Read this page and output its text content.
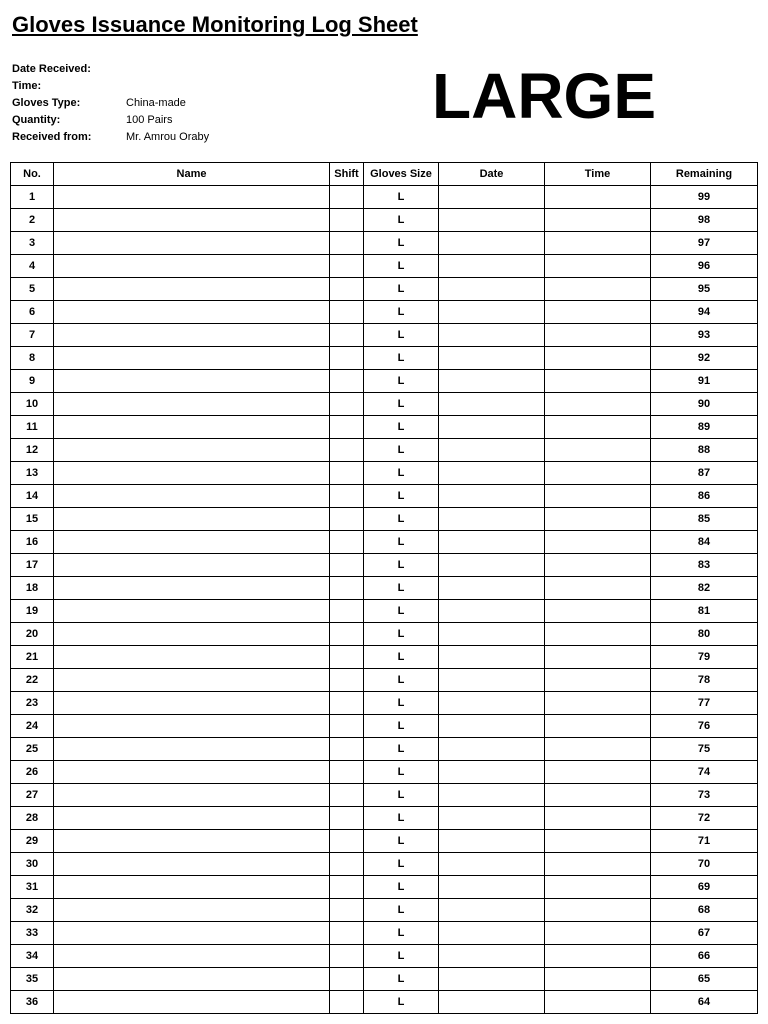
Gloves Issuance Monitoring Log Sheet
Date Received:
Time:
Gloves Type:	China-made
Quantity:	100 Pairs
Received from:	Mr. Amrou Oraby
LARGE
No.	Name	Shift	Gloves Size	Date	Time	Remaining
1			L			99
2			L			98
3			L			97
4			L			96
5			L			95
6			L			94
7			L			93
8			L			92
9			L			91
10			L			90
11			L			89
12			L			88
13			L			87
14			L			86
15			L			85
16			L			84
17			L			83
18			L			82
19			L			81
20			L			80
21			L			79
22			L			78
23			L			77
24			L			76
25			L			75
26			L			74
27			L			73
28			L			72
29			L			71
30			L			70
31			L			69
32			L			68
33			L			67
34			L			66
35			L			65
36			L			64
